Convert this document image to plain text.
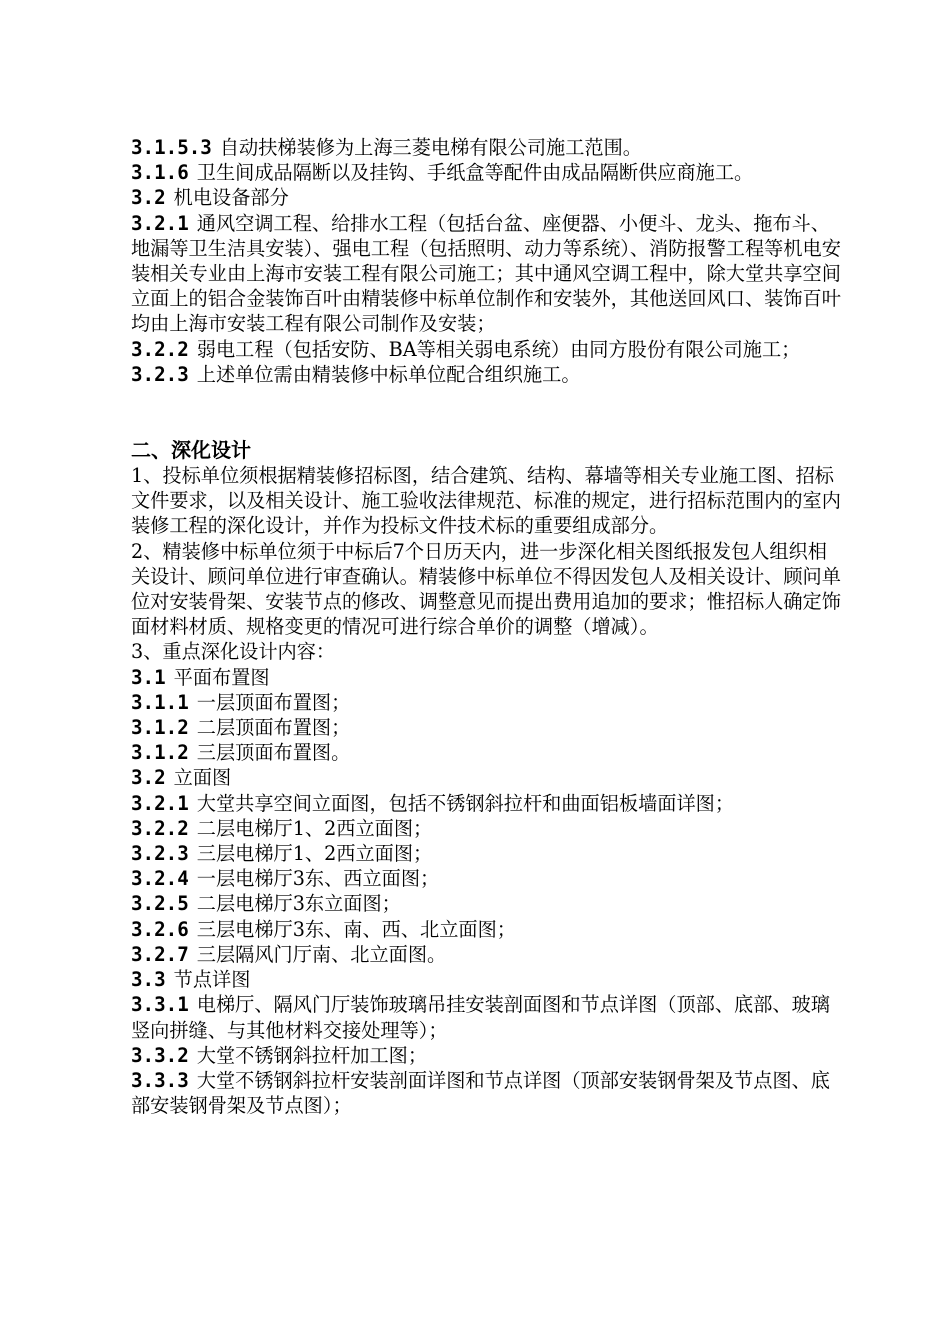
3.1.5.3 自动扶梯装修为上海三菱电梯有限公司施工范围。

3.1.6 卫生间成品隔断以及挂钩、手纸盒等配件由成品隔断供应商施工。

3.2 机电设备部分

3.2.1 通风空调工程、给排水工程（包括台盆、座便器、小便斗、龙头、拖布斗、地漏等卫生洁具安装）、强电工程（包括照明、动力等系统）、消防报警工程等机电安装相关专业由上海市安装工程有限公司施工；其中通风空调工程中，除大堂共享空间立面上的铝合金装饰百叶由精装修中标单位制作和安装外，其他送回风口、装饰百叶均由上海市安装工程有限公司制作及安装；

3.2.2 弱电工程（包括安防、BA等相关弱电系统）由同方股份有限公司施工；

3.2.3 上述单位需由精装修中标单位配合组织施工。

二、深化设计

1、投标单位须根据精装修招标图，结合建筑、结构、幕墙等相关专业施工图、招标文件要求，以及相关设计、施工验收法律规范、标准的规定，进行招标范围内的室内装修工程的深化设计，并作为投标文件技术标的重要组成部分。

2、精装修中标单位须于中标后7个日历天内，进一步深化相关图纸报发包人组织相关设计、顾问单位进行审查确认。精装修中标单位不得因发包人及相关设计、顾问单位对安装骨架、安装节点的修改、调整意见而提出费用追加的要求；惟招标人确定饰面材料材质、规格变更的情况可进行综合单价的调整（增减）。

3、重点深化设计内容：

3.1 平面布置图

3.1.1 一层顶面布置图；

3.1.2 二层顶面布置图；

3.1.2 三层顶面布置图。

3.2 立面图

3.2.1 大堂共享空间立面图，包括不锈钢斜拉杆和曲面铝板墙面详图；

3.2.2 二层电梯厅1、2西立面图；

3.2.3 三层电梯厅1、2西立面图；

3.2.4 一层电梯厅3东、西立面图；

3.2.5 二层电梯厅3东立面图；

3.2.6 三层电梯厅3东、南、西、北立面图；

3.2.7 三层隔风门厅南、北立面图。

3.3 节点详图

3.3.1 电梯厅、隔风门厅装饰玻璃吊挂安装剖面图和节点详图（顶部、底部、玻璃竖向拼缝、与其他材料交接处理等）；

3.3.2 大堂不锈钢斜拉杆加工图；

3.3.3 大堂不锈钢斜拉杆安装剖面详图和节点详图（顶部安装钢骨架及节点图、底部安装钢骨架及节点图）；
